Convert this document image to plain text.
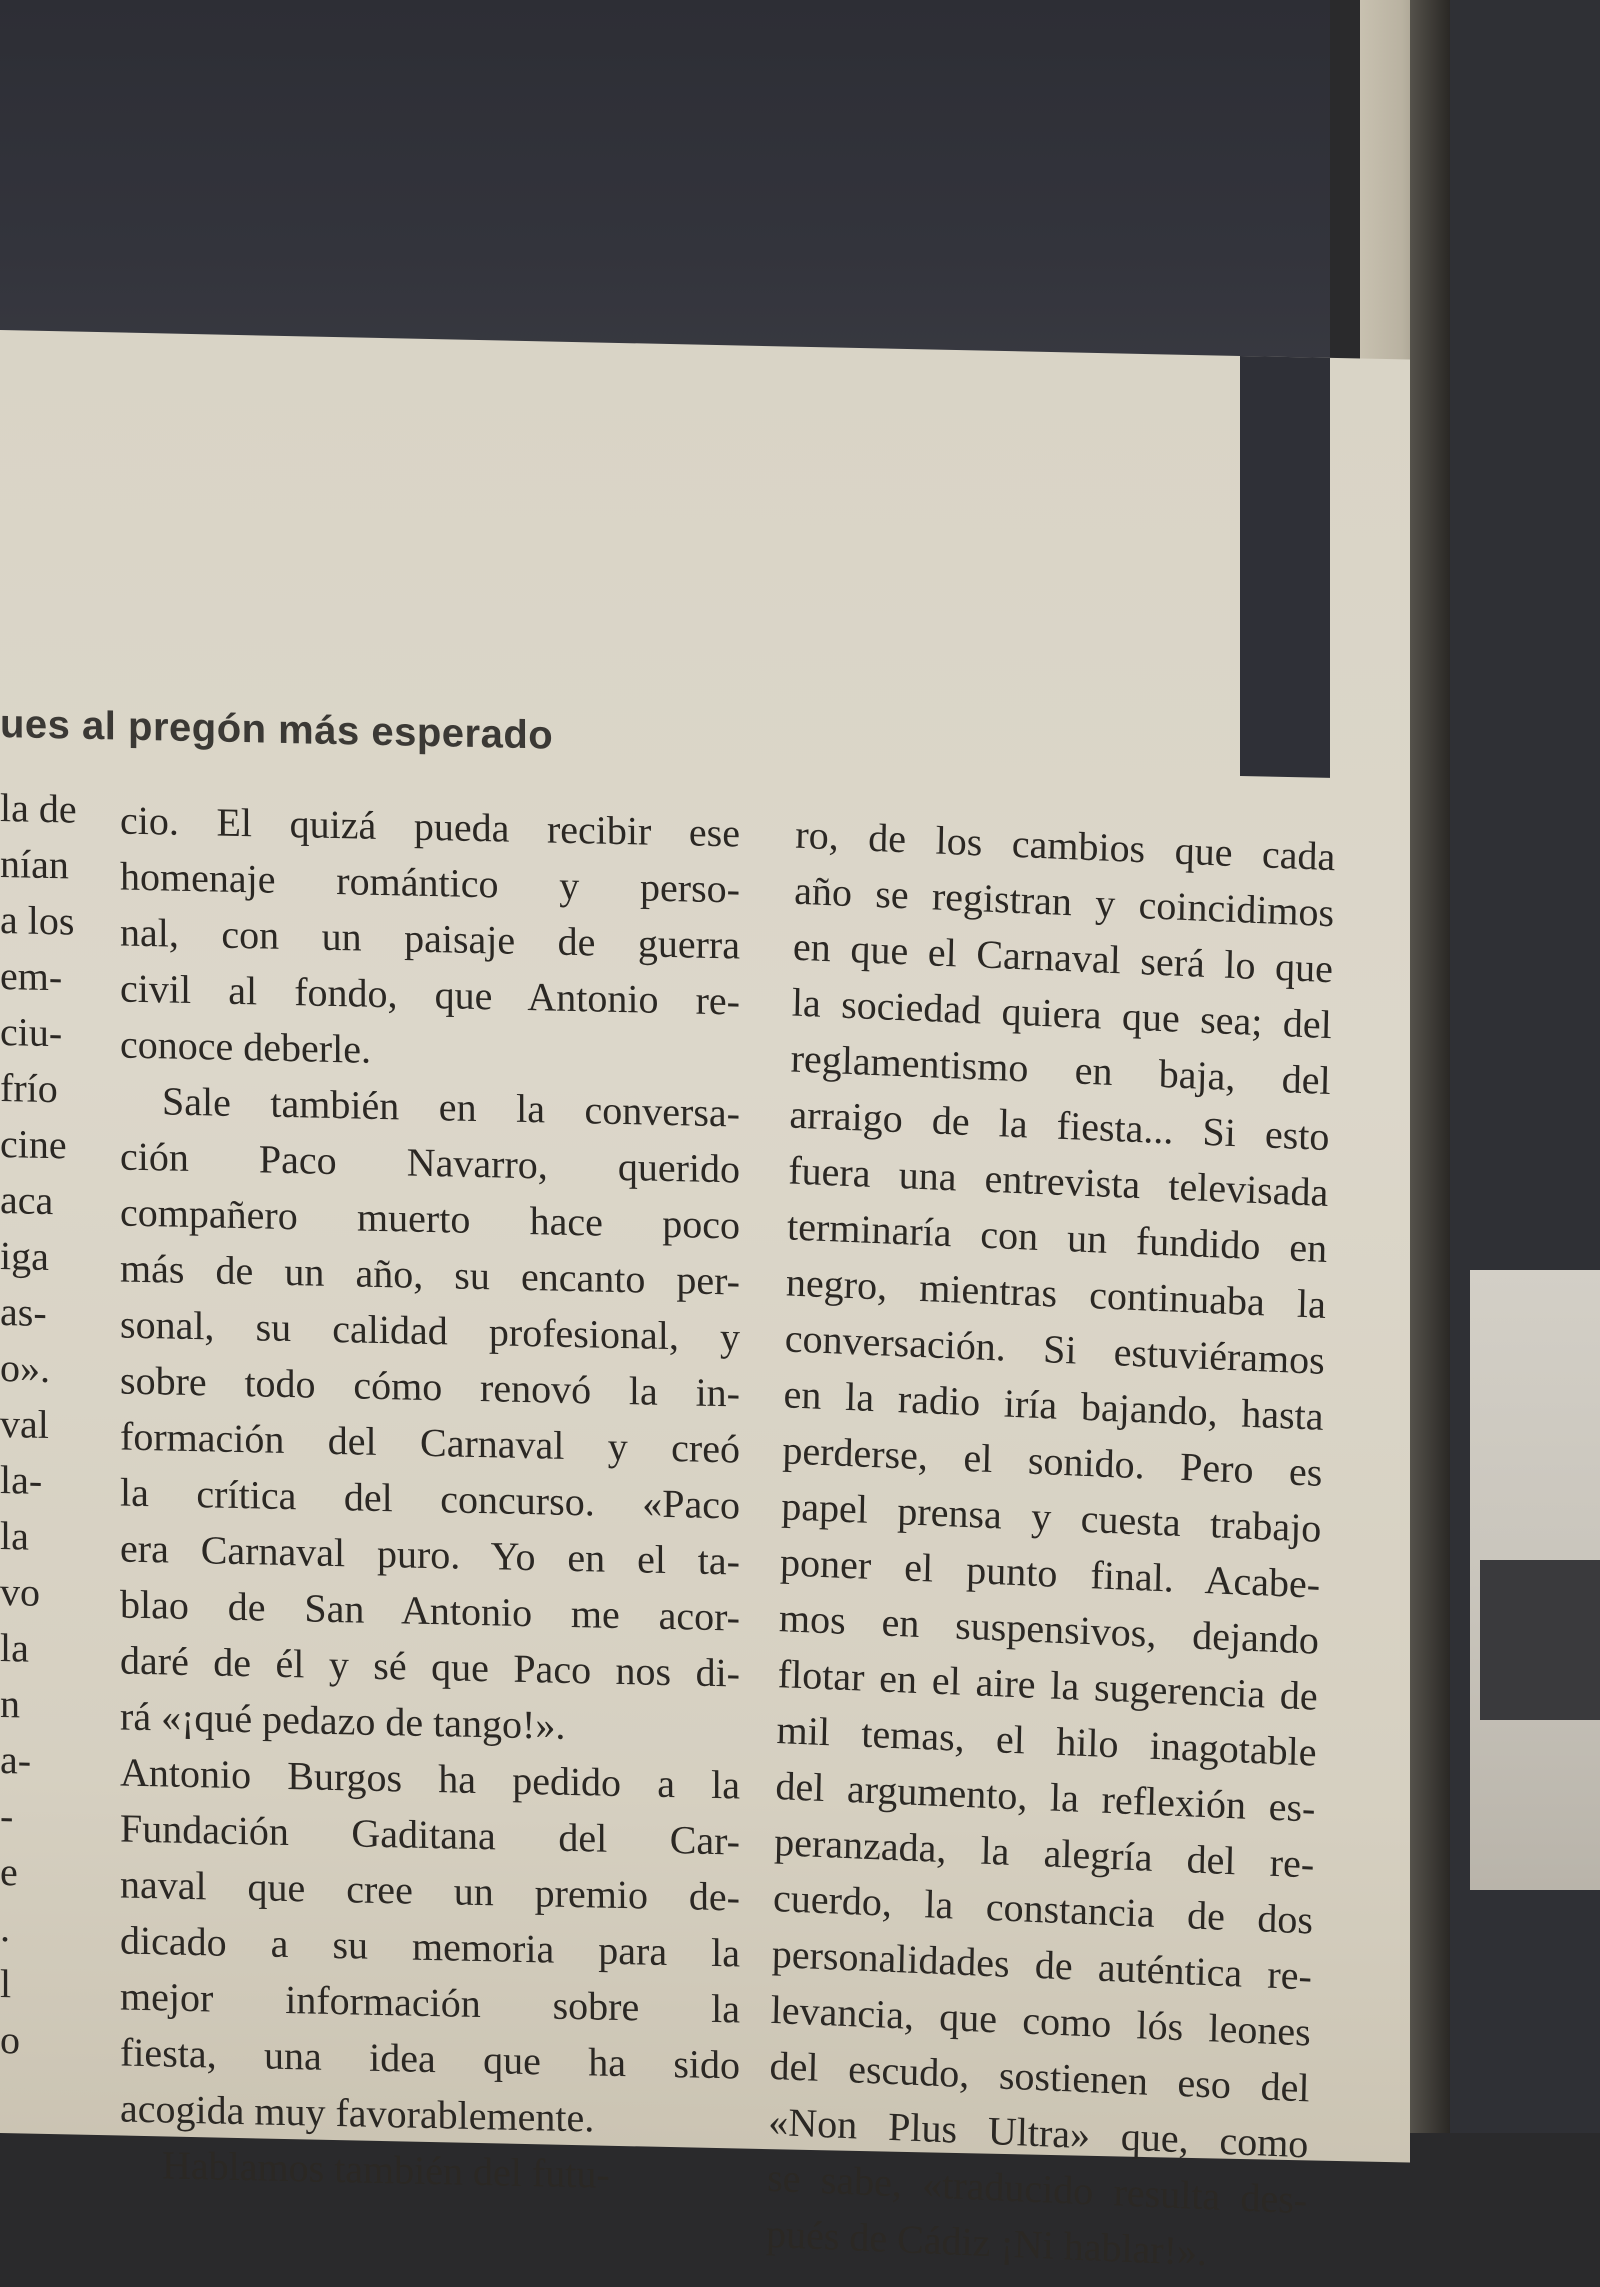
ues al pregón más esperado
la de
nían
a los
em-
ciu-
frío
cine
aca
iga
as-
o».
val
la-
la
vo
la
n
a-
-
e
.
l
o
cio. El quizá pueda recibir ese
homenaje romántico y perso-
nal, con un paisaje de guerra
civil al fondo, que Antonio re-
conoce deberle.
Sale también en la conversa-
ción Paco Navarro, querido
compañero muerto hace poco
más de un año, su encanto per-
sonal, su calidad profesional, y
sobre todo cómo renovó la in-
formación del Carnaval y creó
la crítica del concurso. «Paco
era Carnaval puro. Yo en el ta-
blao de San Antonio me acor-
daré de él y sé que Paco nos di-
rá «¡qué pedazo de tango!».
Antonio Burgos ha pedido a la
Fundación Gaditana del Car-
naval que cree un premio de-
dicado a su memoria para la
mejor información sobre la
fiesta, una idea que ha sido
acogida muy favorablemente.
Hablamos también del futu-
ro, de los cambios que cada
año se registran y coincidimos
en que el Carnaval será lo que
la sociedad quiera que sea; del
reglamentismo en baja, del
arraigo de la fiesta... Si esto
fuera una entrevista televisada
terminaría con un fundido en
negro, mientras continuaba la
conversación. Si estuviéramos
en la radio iría bajando, hasta
perderse, el sonido. Pero es
papel prensa y cuesta trabajo
poner el punto final. Acabe-
mos en suspensivos, dejando
flotar en el aire la sugerencia de
mil temas, el hilo inagotable
del argumento, la reflexión es-
peranzada, la alegría del re-
cuerdo, la constancia de dos
personalidades de auténtica re-
levancia, que como lós leones
del escudo, sostienen eso del
«Non Plus Ultra» que, como
se sabe, «traducido resulta des-
pués de Cádiz ¡Ni hablar!».
